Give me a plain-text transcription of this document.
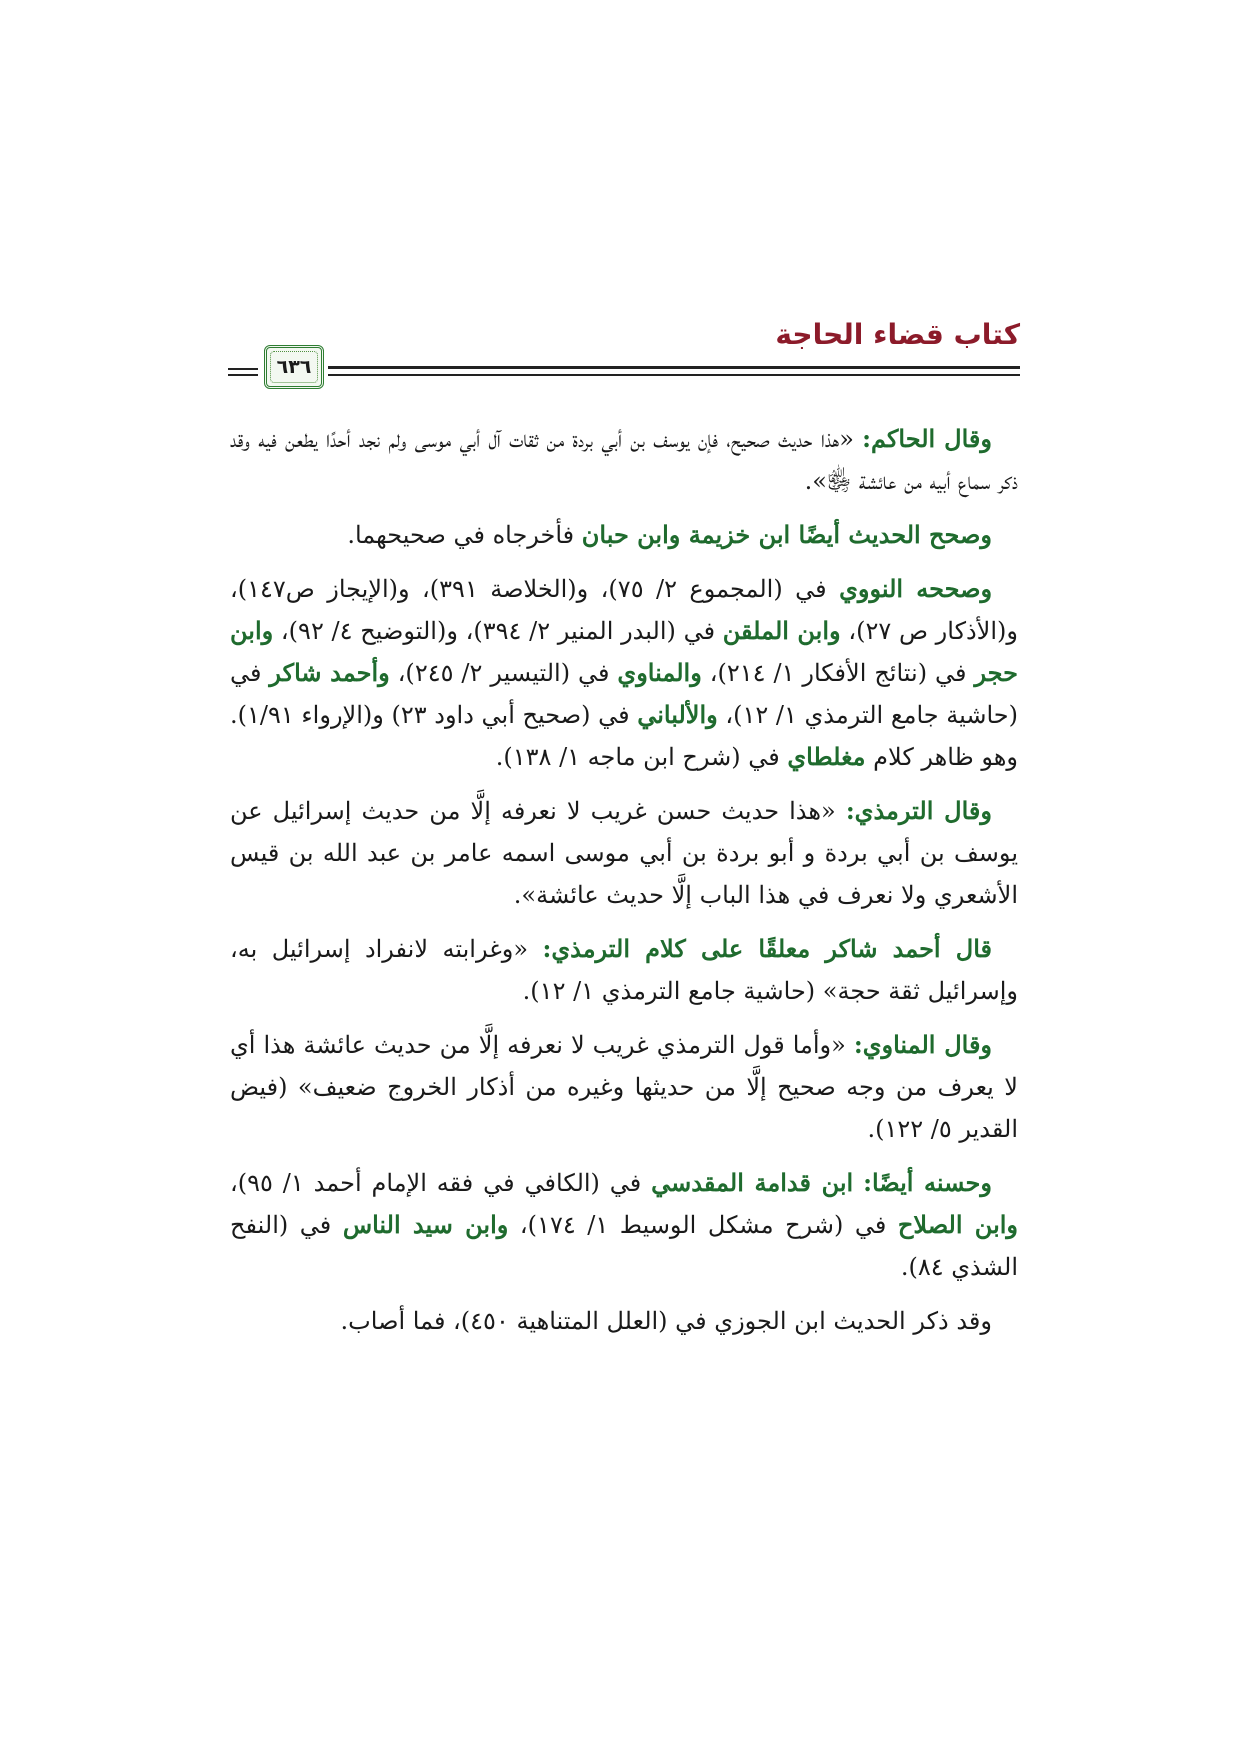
كتاب قضاء الحاجة
٦٣٦

وقال الحاكم: «هذا حديث صحيح، فإن يوسف بن أبي بردة من ثقات آل أبي موسى ولم نجد أحدًا يطعن فيه وقد ذكر سماع أبيه من عائشة ﵂».

وصحح الحديث أيضًا ابن خزيمة وابن حبان فأخرجاه في صحيحهما.

وصححه النووي في (المجموع ٢/ ٧٥)، و(الخلاصة ٣٩١)، و(الإيجاز ص١٤٧)، و(الأذكار ص ٢٧)، وابن الملقن في (البدر المنير ٢/ ٣٩٤)، و(التوضيح ٤/ ٩٢)، وابن حجر في (نتائج الأفكار ١/ ٢١٤)، والمناوي في (التيسير ٢/ ٢٤٥)، وأحمد شاكر في (حاشية جامع الترمذي ١/ ١٢)، والألباني في (صحيح أبي داود ٢٣) و(الإرواء ١/٩١). وهو ظاهر كلام مغلطاي في (شرح ابن ماجه ١/ ١٣٨).

وقال الترمذي: «هذا حديث حسن غريب لا نعرفه إلَّا من حديث إسرائيل عن يوسف بن أبي بردة و أبو بردة بن أبي موسى اسمه عامر بن عبد الله بن قيس الأشعري ولا نعرف في هذا الباب إلَّا حديث عائشة».

قال أحمد شاكر معلقًا على كلام الترمذي: «وغرابته لانفراد إسرائيل به، وإسرائيل ثقة حجة» (حاشية جامع الترمذي ١/ ١٢).

وقال المناوي: «وأما قول الترمذي غريب لا نعرفه إلَّا من حديث عائشة هذا أي لا يعرف من وجه صحيح إلَّا من حديثها وغيره من أذكار الخروج ضعيف» (فيض القدير ٥/ ١٢٢).

وحسنه أيضًا: ابن قدامة المقدسي في (الكافي في فقه الإمام أحمد ١/ ٩٥)، وابن الصلاح في (شرح مشكل الوسيط ١/ ١٧٤)، وابن سيد الناس في (النفح الشذي ٨٤).

وقد ذكر الحديث ابن الجوزي في (العلل المتناهية ٤٥٠)، فما أصاب.
